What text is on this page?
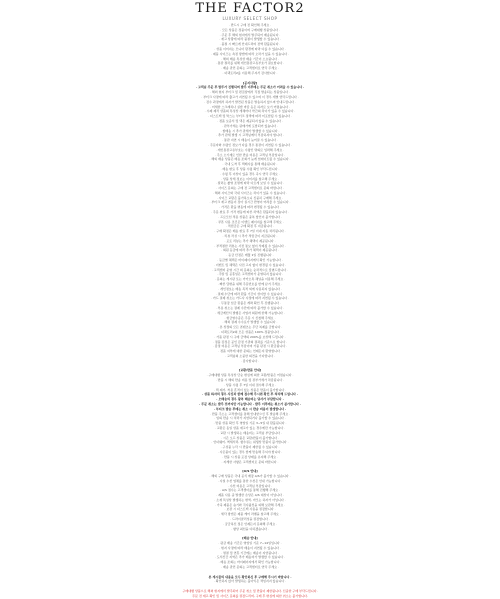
THE FACTOR2
LUXURY SELECT SHOP
· 반드시 구매 전 확인해 주세요 ·
· 모든 상품은 정품이며 구매대행 상품입니다 ·
· 주문 후 해외 현지에서 발주되어 배송됩니다 ·
· 재고 상황에 따라 품절이 발생할 수 있습니다 ·
· 품절 시 빠르게 안내드리며 전액 환불됩니다 ·
· 상품 이미지는 모니터 환경에 따라 다를 수 있습니다 ·
· 제품 사이즈는 측정 방법에 따라 오차가 있을 수 있습니다 ·
· 해외 배송 특성상 배송 기간이 소요됩니다 ·
· 통관 절차를 위해 개인통관고유부호가 필요합니다 ·
· 배송 관련 문의는 고객센터로 연락 주세요 ·
· 더팩토리2를 이용해 주셔서 감사합니다 ·
[공지사항]
· 고객님 주문 후 발주가 진행되며 발주 이후에는 주문 취소가 어려울 수 있습니다 ·
· 해외 현지 부티크 및 편집샵에서 직접 발송되는 상품입니다 ·
· 부티크 사정에 따라 출고가 지연될 수 있으며 이 경우 개별 연락드립니다 ·
· 검수 과정에서 하자가 발견된 상품은 발송하지 않으며 안내드립니다 ·
· 미세한 스크래치나 실밥 마감 등은 하자로 보기 어렵습니다 ·
· 수제 제작 상품의 특성상 개체마다 약간의 차이가 있을 수 있습니다 ·
· 더스트백 및 박스는 부티크 정책에 따라 미포함될 수 있습니다 ·
· 정품 보증서 및 택은 제공되지 않을 수 있습니다 ·
· 관부가세는 판매가에 포함되어 있습니다 ·
· 합배송 시 추가 관세가 발생할 수 있습니다 ·
· 추가 관세 발생 시 고객님께서 부담하셔야 합니다 ·
· 통관 지연 시 배송이 늦어질 수 있습니다 ·
· 주문자와 수령인 정보가 다를 경우 통관이 지연될 수 있습니다 ·
· 개인통관고유부호는 수령인 명의로 입력해 주세요 ·
· 주소 오기재로 인한 반송 비용은 고객님 부담입니다 ·
· 해외 배송 상품은 배송 조회가 늦게 업데이트될 수 있습니다 ·
· 국내 도착 후 택배사를 통해 배송됩니다 ·
· 배송 완료 후 상품 수령 확인 부탁드립니다 ·
· 수령 후 이상이 있을 경우 즉시 연락 주세요 ·
· 상품 상세 정보는 이미지를 참고해 주세요 ·
· 컬러는 촬영 조명에 따라 다르게 보일 수 있습니다 ·
· 사이즈 문의는 구매 전 고객센터로 문의 바랍니다 ·
· 해외 사이즈와 국내 사이즈는 차이가 있을 수 있습니다 ·
· 사이즈 교환은 불가하오니 신중히 구매해 주세요 ·
· 부티크 재고 변동이 잦아 실시간 반영이 어려울 수 있습니다 ·
· 가격은 환율 변동에 따라 변경될 수 있습니다 ·
· 주문 완료 후 가격 변동에 따른 차액은 환불되지 않습니다 ·
· 프로모션 적용 상품은 중복 할인이 불가합니다 ·
· 쿠폰 사용 조건은 이벤트 페이지를 참고해 주세요 ·
· 적립금은 구매 확정 후 지급됩니다 ·
· 구매 확정은 배송 완료 후 7일 이내 자동 처리됩니다 ·
· 리뷰 작성 시 추가 적립금이 지급됩니다 ·
· 포토 리뷰는 추가 혜택이 제공됩니다 ·
· 부적절한 리뷰는 사전 통보 없이 삭제될 수 있습니다 ·
· 회원 등급에 따라 추가 혜택이 제공됩니다 ·
· 등급 산정은 매월 1일 진행됩니다 ·
· 등급별 혜택은 마이페이지에서 확인 가능합니다 ·
· 이벤트 및 혜택은 사전 고지 없이 변경될 수 있습니다 ·
· 고객센터 운영 시간 외 문의는 순차적으로 답변드립니다 ·
· 주말 및 공휴일은 고객센터가 운영되지 않습니다 ·
· 문의는 게시판 또는 카카오톡 채널을 이용해 주세요 ·
· 빠른 답변을 위해 주문번호를 함께 남겨 주세요 ·
· 개인정보는 배송 목적 외에 사용되지 않습니다 ·
· 결제 수단에 따라 환불 기간이 상이할 수 있습니다 ·
· 카드 결제 취소는 카드사 사정에 따라 지연될 수 있습니다 ·
· 무통장 입금 환불은 계좌 확인 후 진행됩니다 ·
· 부분 취소는 결제 수단에 따라 불가할 수 있습니다 ·
· 세금계산서 발행은 사업자 회원에 한해 가능합니다 ·
· 현금영수증은 주문 시 신청해 주세요 ·
· 해외 결제 수수료가 발생할 수 있습니다 ·
· 본 상점의 모든 콘텐츠는 무단 복제를 금합니다 ·
· 더팩토리2의 모든 상품은 100% 정품입니다 ·
· 가품 판정 시 구매 금액의 200%를 보상해 드립니다 ·
· 정품 감정은 공인 감정 기관의 결과를 기준으로 합니다 ·
· 감정 비용은 고객님 부담이며 가품 판정 시 환급됩니다 ·
· 정품 여부에 대한 문의는 언제든지 환영합니다 ·
· 고객님의 소중한 의견을 기다립니다 ·
· 감사합니다 ·
[교환/반품 안내]
· 구매대행 상품 특성상 단순 변심에 의한 교환/반품은 어렵습니다 ·
· 반품 시 해외 반송 비용 및 관부가세가 차감됩니다 ·
· 상품 수령 후 7일 이내 접수해 주세요 ·
· 택 제거, 착용 흔적이 있는 상품은 반품이 불가합니다 ·
· 상품 하자의 경우 사진과 함께 접수해 주시면 확인 후 처리해 드립니다 ·
· 오배송의 경우 왕복 배송비는 당사가 부담합니다 ·
· 주문 취소는 발주 전까지만 가능합니다 · 발주 이후에는 취소가 불가합니다 ·
· 부티크 발송 후에는 취소 시 반송 비용이 발생합니다 ·
· 반품 주소는 고객센터를 통해 안내받으신 후 발송해 주세요 ·
· 임의 반송 시 처리가 지연되거나 불가할 수 있습니다 ·
· 반품 상품 확인 후 영업일 기준 3~5일 내 환불됩니다 ·
· 교환은 동일 상품 재고가 있는 경우에만 가능합니다 ·
· 교환 시 발생하는 배송비는 고객님 부담입니다 ·
· 시즌 오프 상품은 교환/반품이 불가합니다 ·
· 언더웨어, 액세서리, 향수류는 위생상 반품이 불가합니다 ·
· 구성품 누락 시 반품이 제한될 수 있습니다 ·
· 사은품이 있는 경우 함께 반송해 주셔야 합니다 ·
· 반품 시 상품 포장 상태를 유지해 주세요 ·
· 자세한 사항은 고객센터로 문의 바랍니다 ·
[A/S 안내]
· 해외 구매 상품은 국내 공식 매장 A/S가 불가할 수 있습니다 ·
· 사설 수선 업체를 통한 수선은 안내 가능합니다 ·
· 수선 비용은 고객님 부담입니다 ·
· A/S 접수는 고객센터를 통해 진행해 주세요 ·
· 제품 사용 중 발생한 손상은 A/S 대상이 아닙니다 ·
· 소재 특성상 발생하는 변색, 마모는 하자가 아닙니다 ·
· 가죽 제품은 습기와 직사광선을 피해 보관해 주세요 ·
· 보관 시 더스트백 사용을 권장합니다 ·
· 세탁 방법은 제품 케어 라벨을 참고해 주세요 ·
· 드라이클리닝을 권장합니다 ·
· 궁금하신 점은 언제든지 문의해 주세요 ·
· 항상 최선을 다하겠습니다 ·
[배송 안내]
· 평균 배송 기간은 영업일 기준 7~14일입니다 ·
· 현지 사정에 따라 배송이 지연될 수 있습니다 ·
· 명절 및 연휴 기간에는 배송이 지연됩니다 ·
· 도서산간 지역은 추가 배송비가 발생할 수 있습니다 ·
· 배송 조회는 마이페이지에서 확인 가능합니다 ·
· 배송 관련 문의는 고객센터로 연락 주세요 ·
본 게시물의 내용을 모두 확인하신 후 구매해 주시기 바랍니다 ·
· 확인하지 않아 발생하는 불이익은 책임지지 않습니다 ·
구매대행 상품으로 해외 현지에서 발주되어 주문 취소 및 반품이 제한됩니다. 신중한 구매 부탁드립니다.
주문 전 재고 확인 및 사이즈 문의를 권장드리며, 구매 후 변심에 의한 취소는 불가합니다.
